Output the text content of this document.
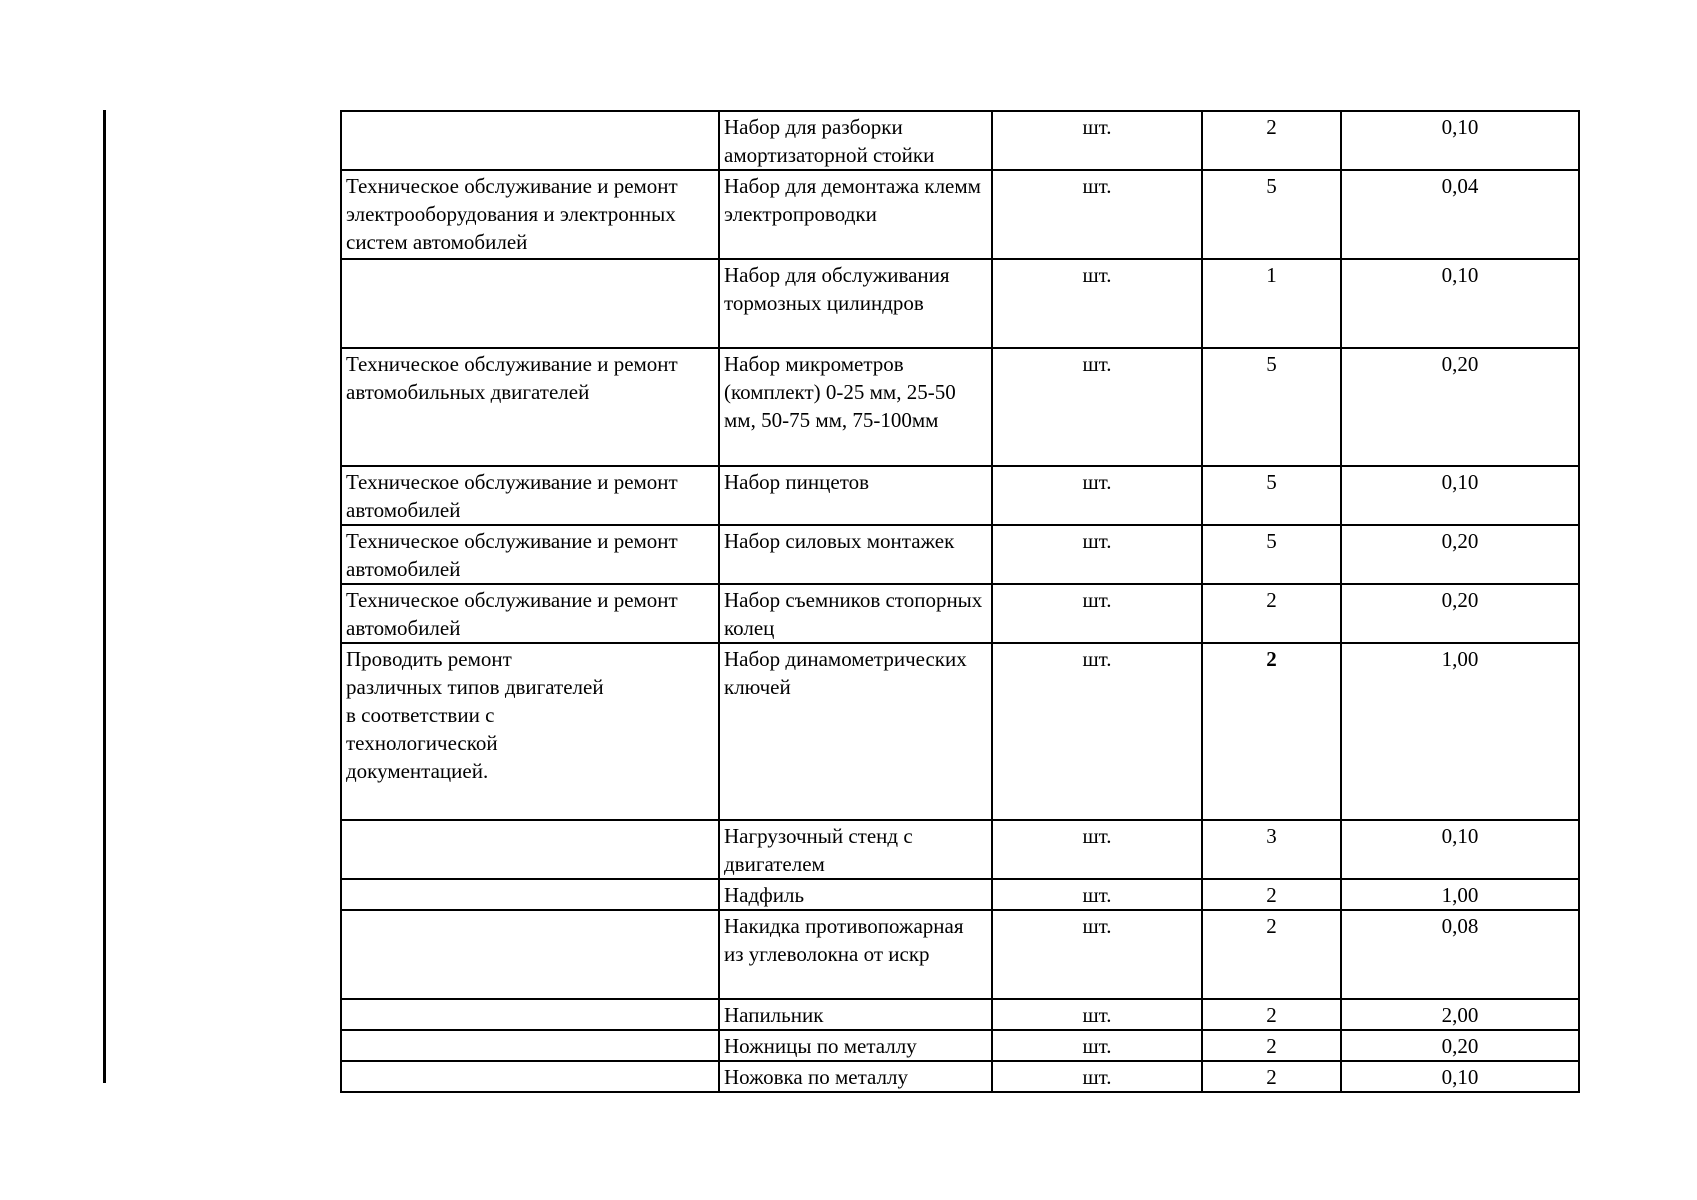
	Набор для разборки амортизаторной стойки	шт.	2	0,10
Техническое обслуживание и ремонт электрооборудования и электронных систем автомобилей	Набор для демонтажа клемм электропроводки	шт.	5	0,04
	Набор для обслуживания тормозных цилиндров	шт.	1	0,10
Техническое обслуживание и ремонт автомобильных двигателей	Набор микрометров (комплект) 0-25 мм, 25-50 мм, 50-75 мм, 75-100мм	шт.	5	0,20
Техническое обслуживание и ремонт автомобилей	Набор пинцетов	шт.	5	0,10
Техническое обслуживание и ремонт автомобилей	Набор силовых монтажек	шт.	5	0,20
Техническое обслуживание и ремонт автомобилей	Набор съемников стопорных колец	шт.	2	0,20
Проводить ремонт
различных типов двигателей
в соответствии с
технологической
документацией.	Набор динамометрических ключей	шт.	2	1,00
	Нагрузочный стенд с двигателем	шт.	3	0,10
	Надфиль	шт.	2	1,00
	Накидка противопожарная из углеволокна от искр	шт.	2	0,08
	Напильник	шт.	2	2,00
	Ножницы по металлу	шт.	2	0,20
	Ножовка по металлу	шт.	2	0,10
